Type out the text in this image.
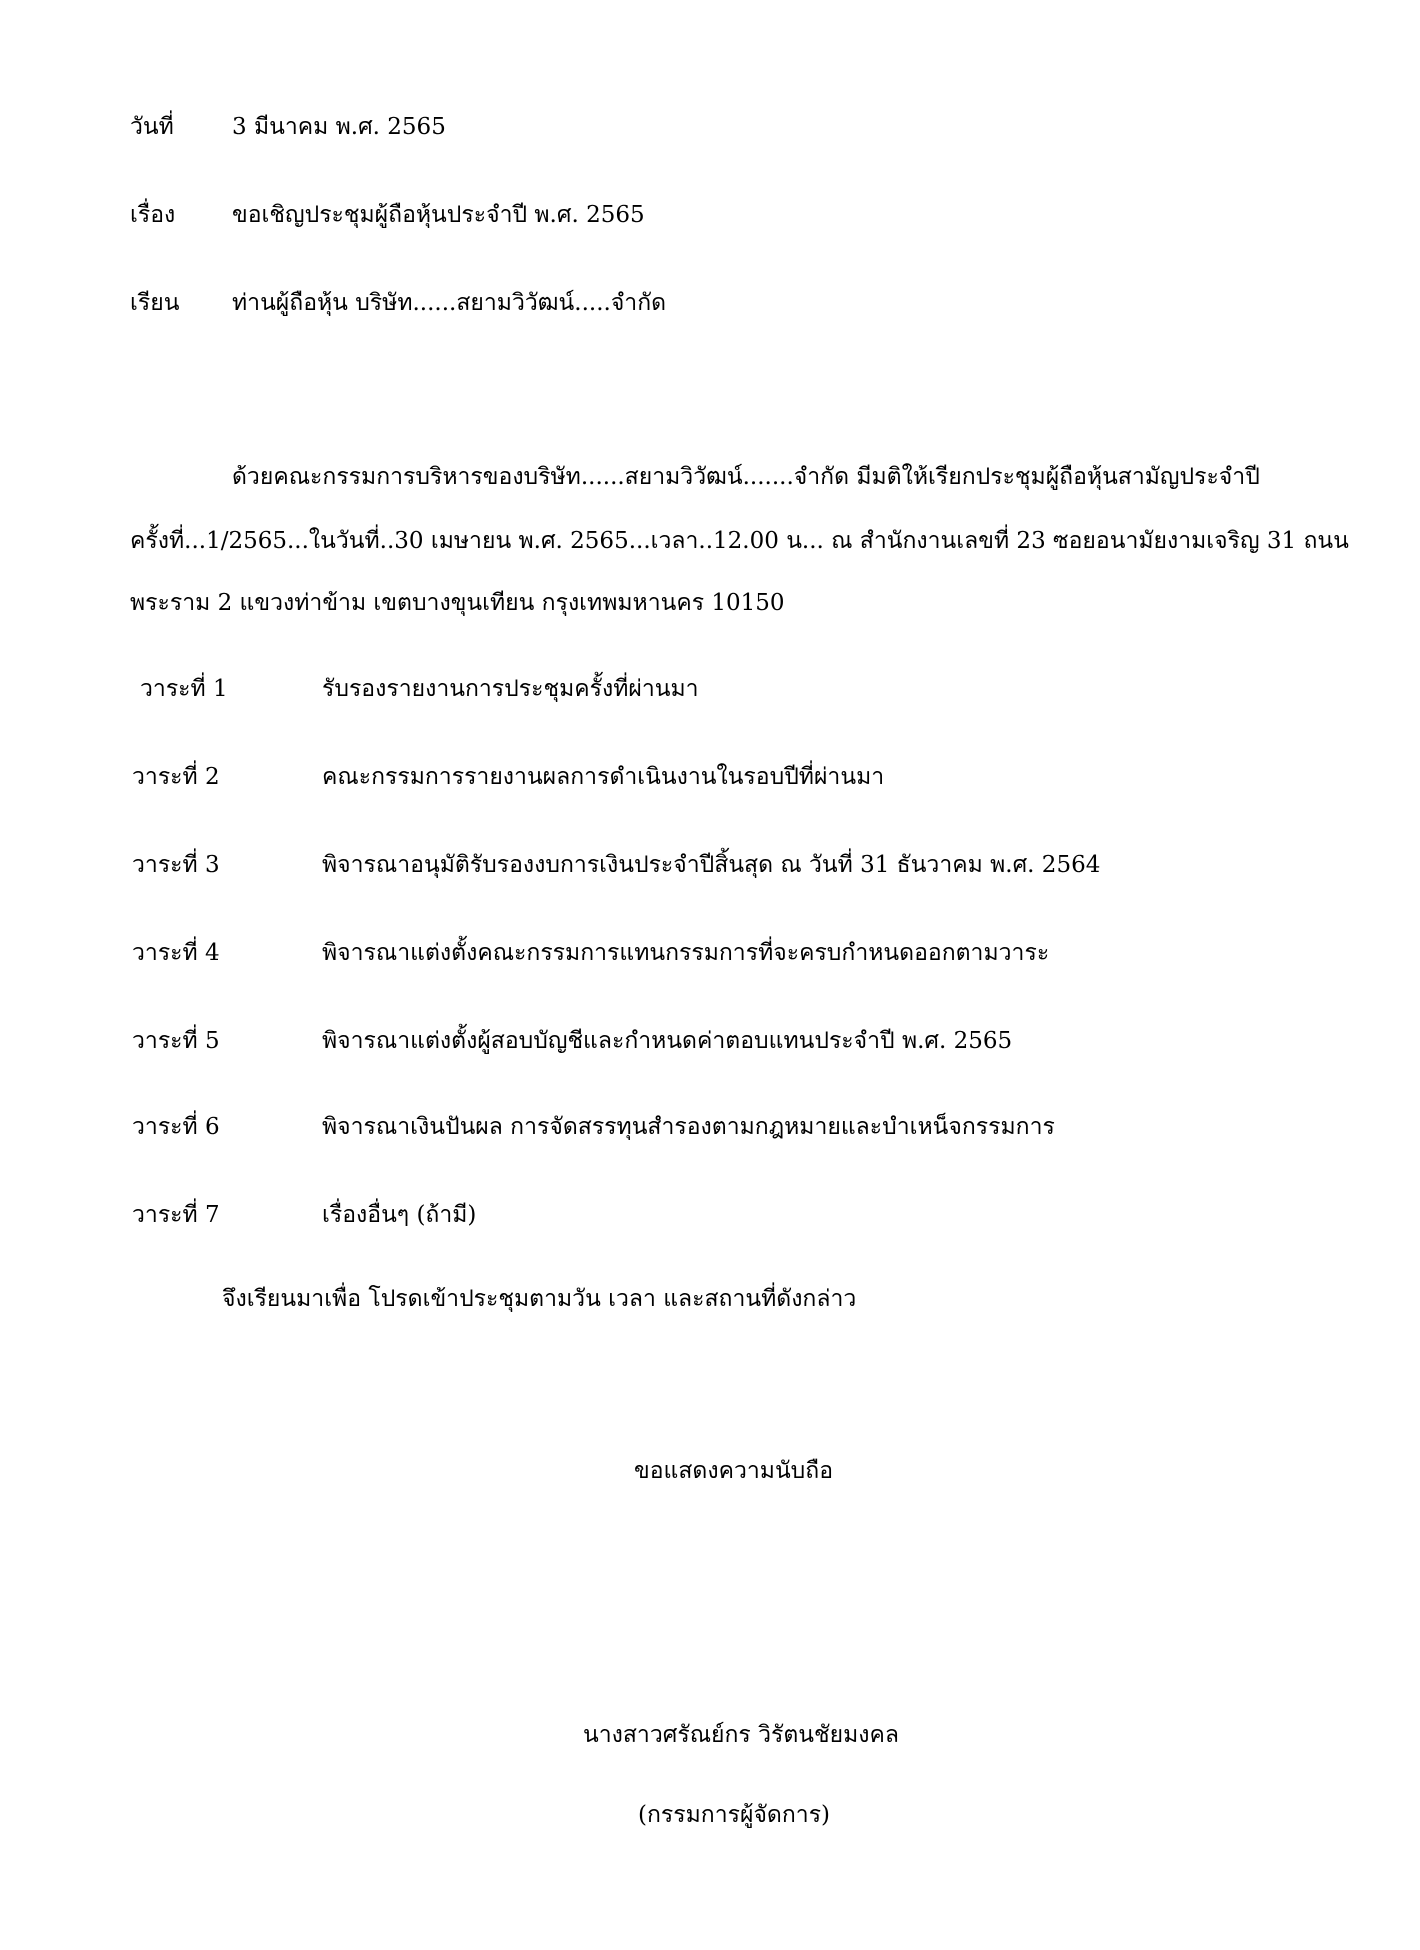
วันที่	3 มีนาคม พ.ศ. 2565
เรื่อง ขอเชิญประชุมผู้ถือหุ้นประจำปี พ.ศ. 2565
เรียน ท่านผู้ถือหุ้น บริษัท......สยามวิวัฒน์.....จำกัด
ด้วยคณะกรรมการบริหารของบริษัท......สยามวิวัฒน์.......จำกัด มีมติให้เรียกประชุมผู้ถือหุ้นสามัญประจำปี
ครั้งที่...1/2565...ในวันที่..30 เมษายน พ.ศ. 2565...เวลา..12.00 น... ณ สำนักงานเลขที่ 23 ซอยอนามัยงามเจริญ 31 ถนน
พระราม 2 แขวงท่าข้าม เขตบางขุนเทียน กรุงเทพมหานคร 10150
วาระที่ 1	รับรองรายงานการประชุมครั้งที่ผ่านมา
วาระที่ 2	คณะกรรมการรายงานผลการดำเนินงานในรอบปีที่ผ่านมา
วาระที่ 3	พิจารณาอนุมัติรับรองงบการเงินประจำปีสิ้นสุด ณ วันที่ 31 ธันวาคม พ.ศ. 2564
วาระที่ 4	พิจารณาแต่งตั้งคณะกรรมการแทนกรรมการที่จะครบกำหนดออกตามวาระ
วาระที่ 5	พิจารณาแต่งตั้งผู้สอบบัญชีและกำหนดค่าตอบแทนประจำปี พ.ศ. 2565
วาระที่ 6	พิจารณาเงินปันผล การจัดสรรทุนสำรองตามกฎหมายและบำเหน็จกรรมการ
วาระที่ 7	เรื่องอื่นๆ (ถ้ามี)
จึงเรียนมาเพื่อ โปรดเข้าประชุมตามวัน เวลา และสถานที่ดังกล่าว
ขอแสดงความนับถือ
นางสาวศรัณย์กร วิรัตนชัยมงคล
(กรรมการผู้จัดการ)
